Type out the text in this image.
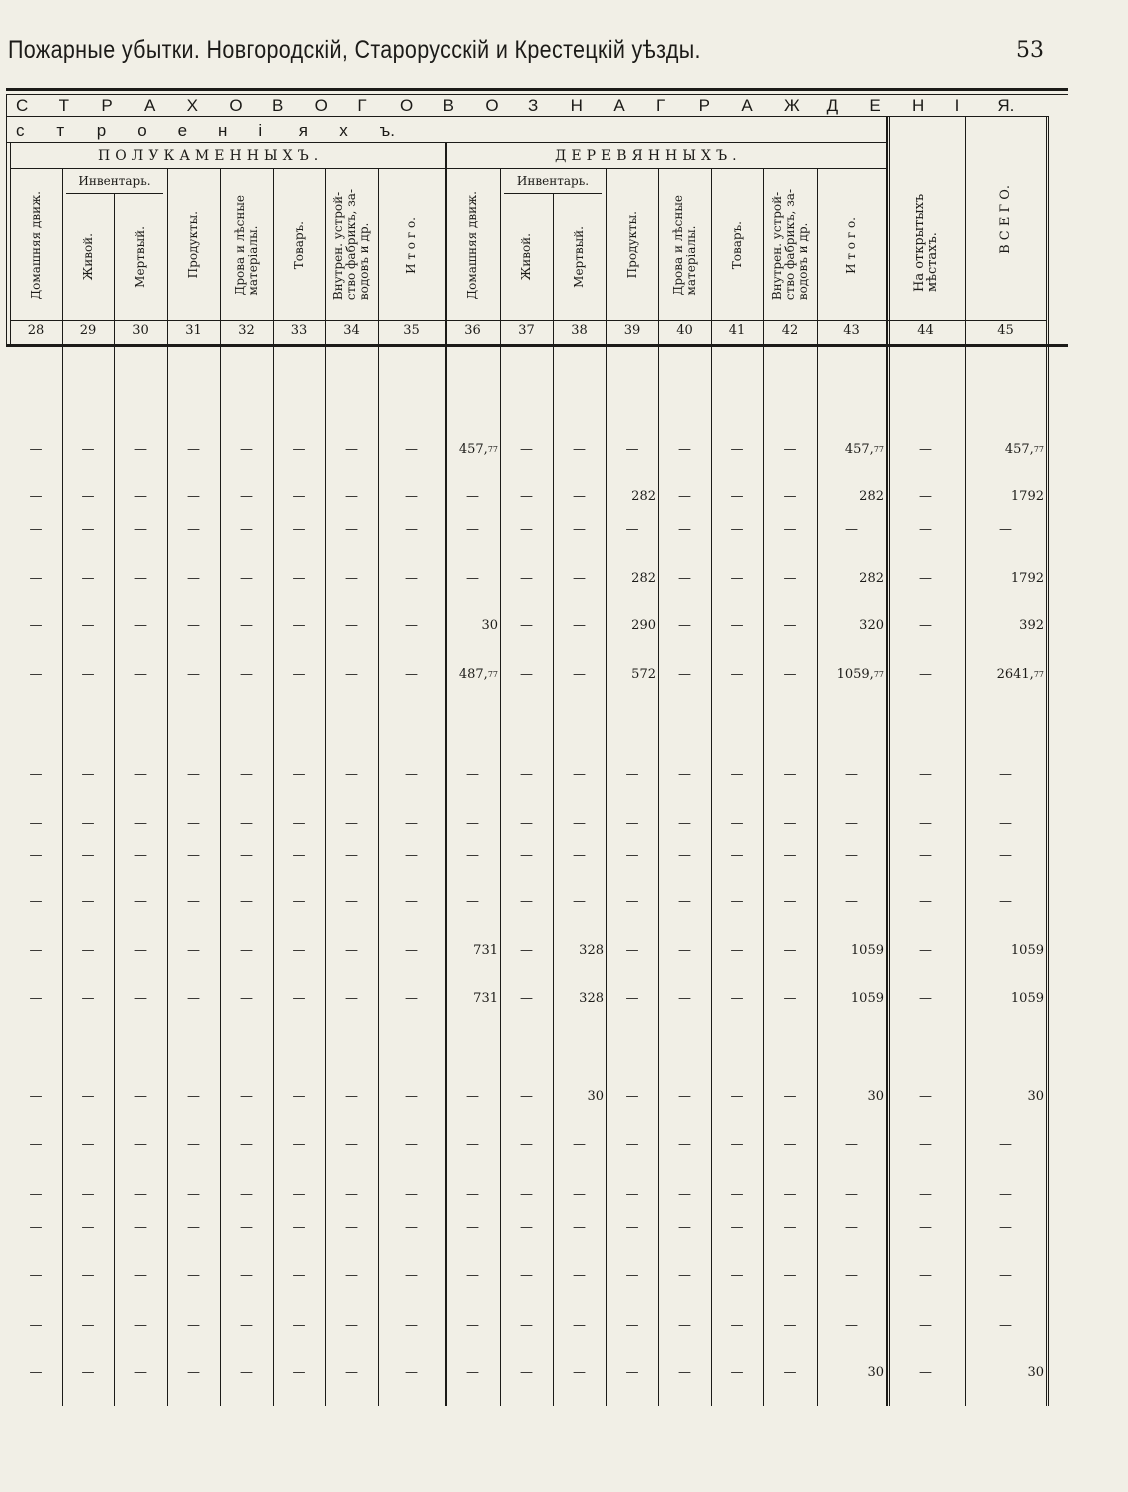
Пожарные убытки. Новгородскій, Старорусскій и Крестецкій уѣзды.	53
С Т Р А Х О В О Г О В О З Н А Г Р А Ж Д Е Н І Я.
с т р о е н і я х ъ.
ПОЛУКАМЕННЫХЪ.	ДЕРЕВЯННЫХЪ.
Инвентарь.	Инвентарь.
Домашняя движ.	Живой.	Мертвый.	Продукты.	Дрова и лѣсные
матеріалы.	Товаръ. Внутрен. устрой-
ство фабрикъ, за-
водовъ и др.	И т о г о.	Домашняя движ.	Живой.	Мертвый.	Продукты.	Дрова и лѣсные
матеріалы.	Товаръ. Внутрен. устрой-
ство фабрикъ, за-
водовъ и др.	И т о г о.	На открытыхъ мѣстахъ.
В С Е Г О.
28	29	30	31	32	33	34	35	36	37	38	39	40	41	42	43	44	45
—	—	—	—	—	—	—	—	$457,_{77}$	—	—	—	—	—	—	$457,_{77}$	—	$457,_{77}$
—	—	—	—	—	—	—	—	—	—	—	282	—	—	—	282	—	1792
—	—	—	—	—	—	—	—	—	—	—	—	—	—	—	—	—	—
—	—	—	—	—	—	—	—	—	—	—	282	—	—	—	282	—	1792
—	—	—	—	—	—	—	—	30	—	—	290	—	—	—	320	—	392
—	—	—	—	—	—	—	—	$487,_{77}$	—	—	572	—	—	—	$1059,_{77}$	—	$2641,_{77}$
—	—	—	—	—	—	—	—	—	—	—	—	—	—	—	—	—	—
—	—	—	—	—	—	—	—	—	—	—	—	—	—	—	—	—	—
—	—	—	—	—	—	—	—	—	—	—	—	—	—	—	—	—	—
—	—	—	—	—	—	—	—	—	—	—	—	—	—	—	—	—	—
—	—	—	—	—	—	—	—	731	—	328	—	—	—	—	1059	—	1059
—	—	—	—	—	—	—	—	731	—	328	—	—	—	—	1059	—	1059
—	—	—	—	—	—	—	—	—	—	30	—	—	—	—	30	—	30
—	—	—	—	—	—	—	—	—	—	—	—	—	—	—	—	—	—
—	—	—	—	—	—	—	—	—	—	—	—	—	—	—	—	—	—
—	—	—	—	—	—	—	—	—	—	—	—	—	—	—	—	—	—
—	—	—	—	—	—	—	—	—	—	—	—	—	—	—	—	—	—
—	—	—	—	—	—	—	—	—	—	—	—	—	—	—	—	—	—
—	—	—	—	—	—	—	—	—	—	—	—	—	—	—	30	—	30
